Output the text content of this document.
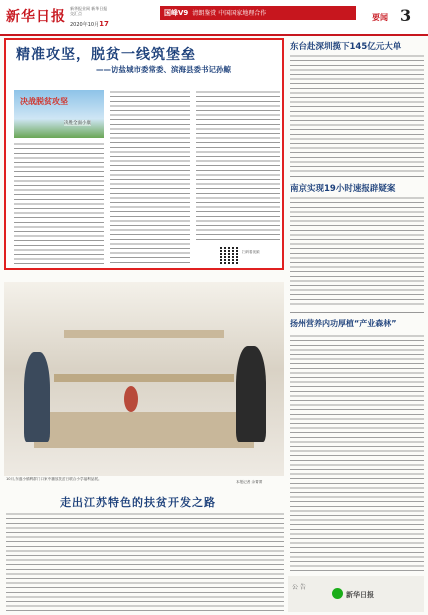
新华日报
新华报业网 新华日报 交汇点
2020年10月17
国峰V9 清朗鉴赏 中国国家地理合作	要闻 3
精准攻坚，脱贫一线筑堡垒
——访盐城市委常委、滨海县委书记孙鲸
决战脱贫攻坚
决胜全面小康
扫码看视频
东台赴深圳揽下145亿元大单
南京实现19小时速报辟疑案
扬州营养内功厚植“产业森林”
10月,东盛小镇利群门口家中播放扶贫日联合小学福利品展。
本报记者 余菁菁
走出江苏特色的扶贫开发之路
公 告
新华日报
